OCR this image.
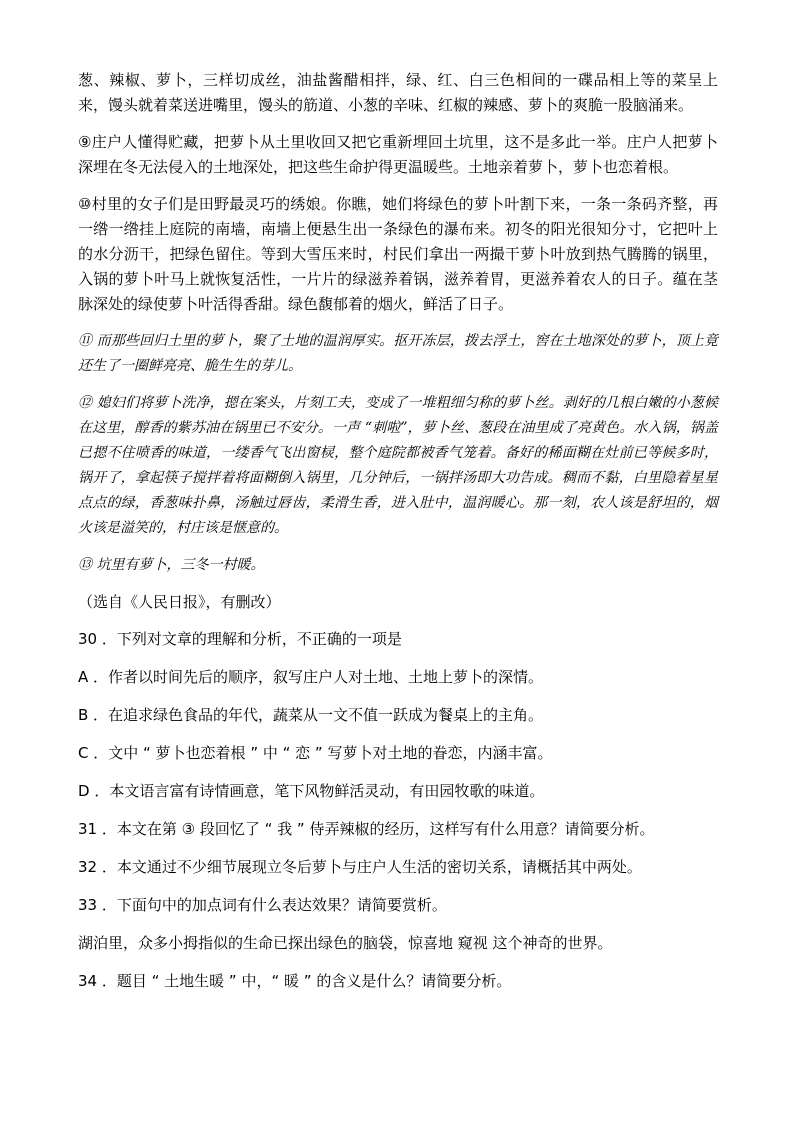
葱、辣椒、萝卜，三样切成丝，油盐酱醋相拌，绿、红、白三色相间的一碟品相上等的菜呈上来，馒头就着菜送进嘴里，馒头的筋道、小葱的辛味、红椒的辣感、萝卜的爽脆一股脑涌来。

⑨庄户人懂得贮藏，把萝卜从土里收回又把它重新埋回土坑里，这不是多此一举。庄户人把萝卜深埋在冬无法侵入的土地深处，把这些生命护得更温暖些。土地亲着萝卜，萝卜也恋着根。

⑩村里的女子们是田野最灵巧的绣娘。你瞧，她们将绿色的萝卜叶割下来，一条一条码齐整，再一绺一绺挂上庭院的南墙，南墙上便悬生出一条绿色的瀑布来。初冬的阳光很知分寸，它把叶上的水分沥干，把绿色留住。等到大雪压来时，村民们拿出一两撮干萝卜叶放到热气腾腾的锅里，入锅的萝卜叶马上就恢复活性，一片片的绿滋养着锅，滋养着胃，更滋养着农人的日子。蕴在茎脉深处的绿使萝卜叶活得香甜。绿色馥郁着的烟火，鲜活了日子。

⑪ 而那些回归土里的萝卜，聚了土地的温润厚实。抠开冻层，拨去浮土，窖在土地深处的萝卜，顶上竟还生了一圈鲜亮亮、脆生生的芽儿。

⑫ 媳妇们将萝卜洗净，摁在案头，片刻工夫，变成了一堆粗细匀称的萝卜丝。剥好的几根白嫩的小葱候在这里，醇香的紫苏油在锅里已不安分。一声 “刺啦”，萝卜丝、葱段在油里成了亮黄色。水入锅，锅盖已摁不住喷香的味道，一缕香气飞出窗棂，整个庭院都被香气笼着。备好的稀面糊在灶前已等候多时，锅开了，拿起筷子搅拌着将面糊倒入锅里，几分钟后，一锅拌汤即大功告成。稠而不黏，白里隐着星星点点的绿，香葱味扑鼻，汤触过唇齿，柔滑生香，进入肚中，温润暖心。那一刻，农人该是舒坦的，烟火该是溢笑的，村庄该是惬意的。

⑬ 坑里有萝卜，三冬一村暖。

（选自《人民日报》，有删改）

30 ．下列对文章的理解和分析，不正确的一项是

A ．作者以时间先后的顺序，叙写庄户人对土地、土地上萝卜的深情。

B ．在追求绿色食品的年代，蔬菜从一文不值一跃成为餐桌上的主角。

C ．文中 “ 萝卜也恋着根 ” 中 “ 恋 ” 写萝卜对土地的眷恋，内涵丰富。

D ．本文语言富有诗情画意，笔下风物鲜活灵动，有田园牧歌的味道。

31 ．本文在第 ③ 段回忆了 “ 我 ” 侍弄辣椒的经历，这样写有什么用意？请简要分析。

32 ．本文通过不少细节展现立冬后萝卜与庄户人生活的密切关系，请概括其中两处。

33 ．下面句中的加点词有什么表达效果？请简要赏析。

湖泊里，众多小拇指似的生命已探出绿色的脑袋，惊喜地 窥视 这个神奇的世界。

34 ．题目 “ 土地生暖 ” 中，“ 暖 ” 的含义是什么？请简要分析。
